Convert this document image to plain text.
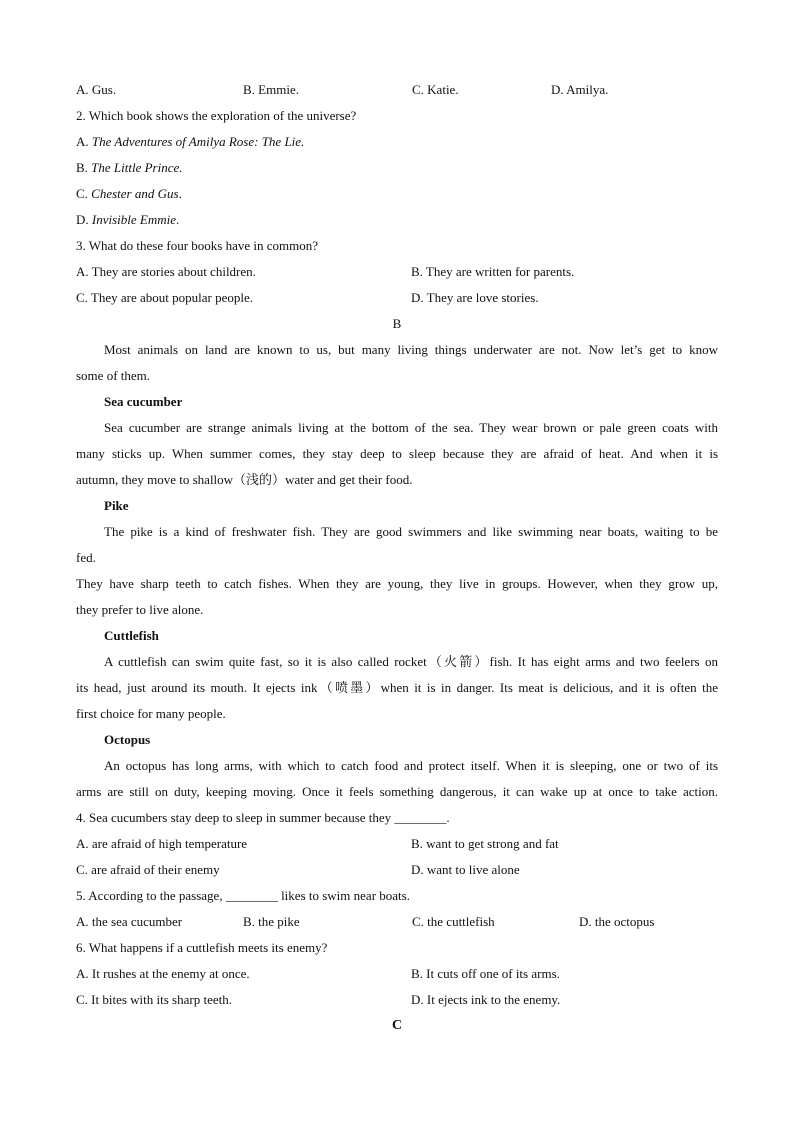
A. Gus.	B. Emmie.	C. Katie.	D. Amilya.
2. Which book shows the exploration of the universe?
A. The Adventures of Amilya Rose: The Lie.
B. The Little Prince.
C. Chester and Gus.
D. Invisible Emmie.
3. What do these four books have in common?
A. They are stories about children.	B. They are written for parents.
C. They are about popular people.	D. They are love stories.
B
Most animals on land are known to us, but many living things underwater are not. Now let’s get to know
some of them.
Sea cucumber
Sea cucumber are strange animals living at the bottom of the sea. They wear brown or pale green coats with
many sticks up. When summer comes, they stay deep to sleep because they are afraid of heat. And when it is
autumn, they move to shallow（浅的）water and get their food.
Pike
The pike is a kind of freshwater fish. They are good swimmers and like swimming near boats, waiting to be
fed.
They have sharp teeth to catch fishes. When they are young, they live in groups. However, when they grow up,
they prefer to live alone.
Cuttlefish
A cuttlefish can swim quite fast, so it is also called rocket（火箭）fish. It has eight arms and two feelers on
its head, just around its mouth. It ejects ink（喷墨）when it is in danger. Its meat is delicious, and it is often the
first choice for many people.
Octopus
An octopus has long arms, with which to catch food and protect itself. When it is sleeping, one or two of its
arms are still on duty, keeping moving. Once it feels something dangerous, it can wake up at once to take action.
4. Sea cucumbers stay deep to sleep in summer because they ________.
A. are afraid of high temperature	B. want to get strong and fat
C. are afraid of their enemy	D. want to live alone
5. According to the passage, ________ likes to swim near boats.
A. the sea cucumber	B. the pike	C. the cuttlefish	D. the octopus
6. What happens if a cuttlefish meets its enemy?
A. It rushes at the enemy at once.	B. It cuts off one of its arms.
C. It bites with its sharp teeth.	D. It ejects ink to the enemy.
C
